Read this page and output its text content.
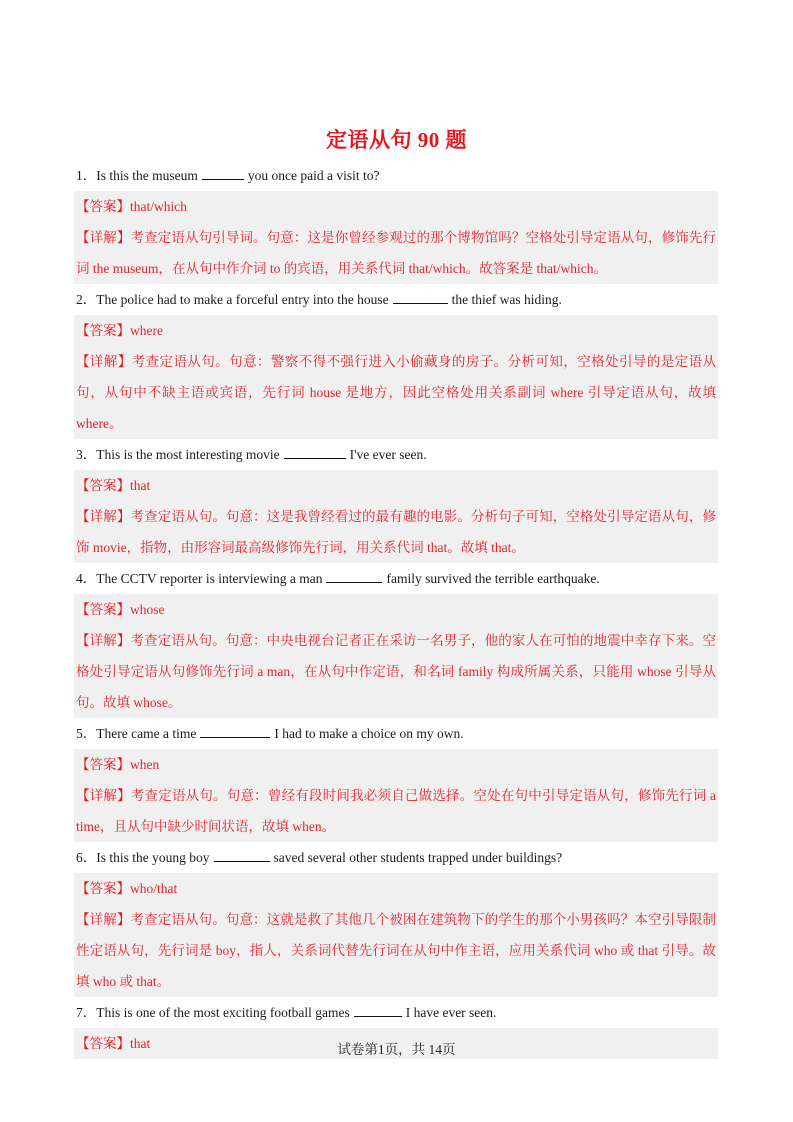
定语从句 90 题
1．Is this the museum	you once paid a visit to?
【答案】that/which
【详解】考查定语从句引导词。句意：这是你曾经参观过的那个博物馆吗？空格处引导定语从句，修饰先行词 the museum，在从句中作介词 to 的宾语，用关系代词 that/which。故答案是 that/which。
2．The police had to make a forceful entry into the house	the thief was hiding.
【答案】where
【详解】考查定语从句。句意：警察不得不强行进入小偷藏身的房子。分析可知，空格处引导的是定语从句，从句中不缺主语或宾语，先行词 house 是地方，因此空格处用关系副词 where 引导定语从句，故填 where。
3．This is the most interesting movie	I've ever seen.
【答案】that
【详解】考查定语从句。句意：这是我曾经看过的最有趣的电影。分析句子可知，空格处引导定语从句，修饰 movie，指物，由形容词最高级修饰先行词，用关系代词 that。故填 that。
4．The CCTV reporter is interviewing a man	family survived the terrible earthquake.
【答案】whose
【详解】考查定语从句。句意：中央电视台记者正在采访一名男子，他的家人在可怕的地震中幸存下来。空格处引导定语从句修饰先行词 a man，在从句中作定语，和名词 family 构成所属关系，只能用 whose 引导从句。故填 whose。
5．There came a time	I had to make a choice on my own.
【答案】when
【详解】考查定语从句。句意：曾经有段时间我必须自己做选择。空处在句中引导定语从句，修饰先行词 a time，且从句中缺少时间状语，故填 when。
6．Is this the young boy	saved several other students trapped under buildings?
【答案】who/that
【详解】考查定语从句。句意：这就是救了其他几个被困在建筑物下的学生的那个小男孩吗？本空引导限制性定语从句，先行词是 boy，指人，关系词代替先行词在从句中作主语，应用关系代词 who 或 that 引导。故填 who 或 that。
7．This is one of the most exciting football games	I have ever seen.
【答案】that	试卷第1页，共 14页
